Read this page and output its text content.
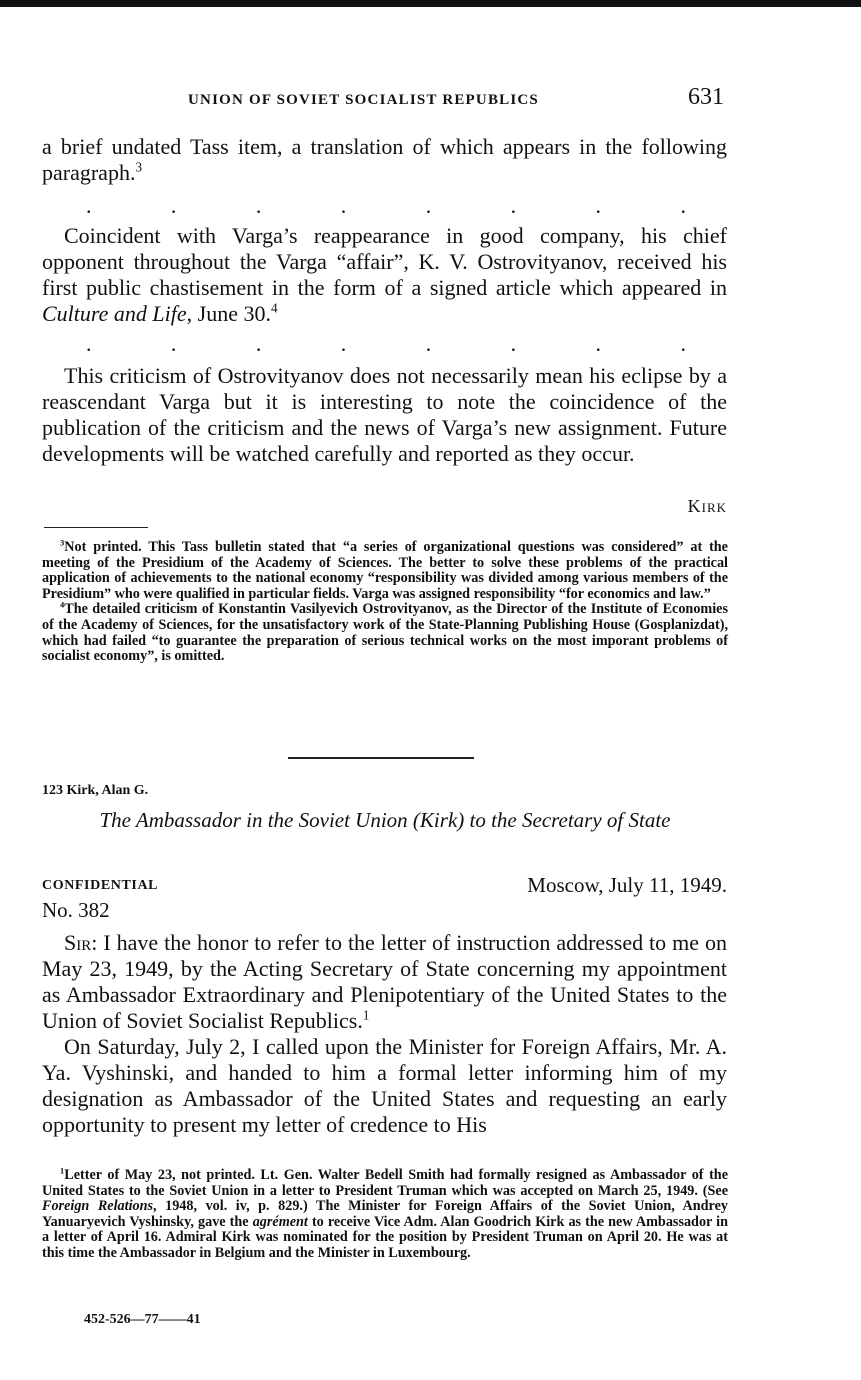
UNION OF SOVIET SOCIALIST REPUBLICS	631

a brief undated Tass item, a translation of which appears in the following paragraph.$^3$

.	.	.	.	.	.	.	.

Coincident with Varga’s reappearance in good company, his chief opponent throughout the Varga “affair”, K. V. Ostrovityanov, received his first public chastisement in the form of a signed article which appeared in Culture and Life, June 30.$^4$

.	.	.	.	.	.	.	.

This criticism of Ostrovityanov does not necessarily mean his eclipse by a reascendant Varga but it is interesting to note the coincidence of the publication of the criticism and the news of Varga’s new assignment. Future developments will be watched carefully and reported as they occur.

Kirk

$^3$Not printed. This Tass bulletin stated that “a series of organizational questions was considered” at the meeting of the Presidium of the Academy of Sciences. The better to solve these problems of the practical application of achievements to the national economy “responsibility was divided among various members of the Presidium” who were qualified in particular fields. Varga was assigned responsibility “for economics and law.”

$^4$The detailed criticism of Konstantin Vasilyevich Ostrovityanov, as the Director of the Institute of Economies of the Academy of Sciences, for the unsatisfactory work of the State-Planning Publishing House (Gosplanizdat), which had failed “to guarantee the preparation of serious technical works on the most imporant problems of socialist economy”, is omitted.

123 Kirk, Alan G.
The Ambassador in the Soviet Union (Kirk) to the Secretary of State
CONFIDENTIAL	Moscow, July 11, 1949.
No. 382

Sir: I have the honor to refer to the letter of instruction addressed to me on May 23, 1949, by the Acting Secretary of State concerning my appointment as Ambassador Extraordinary and Plenipotentiary of the United States to the Union of Soviet Socialist Republics.$^1$

On Saturday, July 2, I called upon the Minister for Foreign Affairs, Mr. A. Ya. Vyshinski, and handed to him a formal letter informing him of my designation as Ambassador of the United States and requesting an early opportunity to present my letter of credence to His

$^1$Letter of May 23, not printed. Lt. Gen. Walter Bedell Smith had formally resigned as Ambassador of the United States to the Soviet Union in a letter to President Truman which was accepted on March 25, 1949. (See Foreign Relations, 1948, vol. iv, p. 829.) The Minister for Foreign Affairs of the Soviet Union, Andrey Yanuaryevich Vyshinsky, gave the agrément to receive Vice Adm. Alan Goodrich Kirk as the new Ambassador in a letter of April 16. Admiral Kirk was nominated for the position by President Truman on April 20. He was at this time the Ambassador in Belgium and the Minister in Luxembourg.

452-526—77——41
